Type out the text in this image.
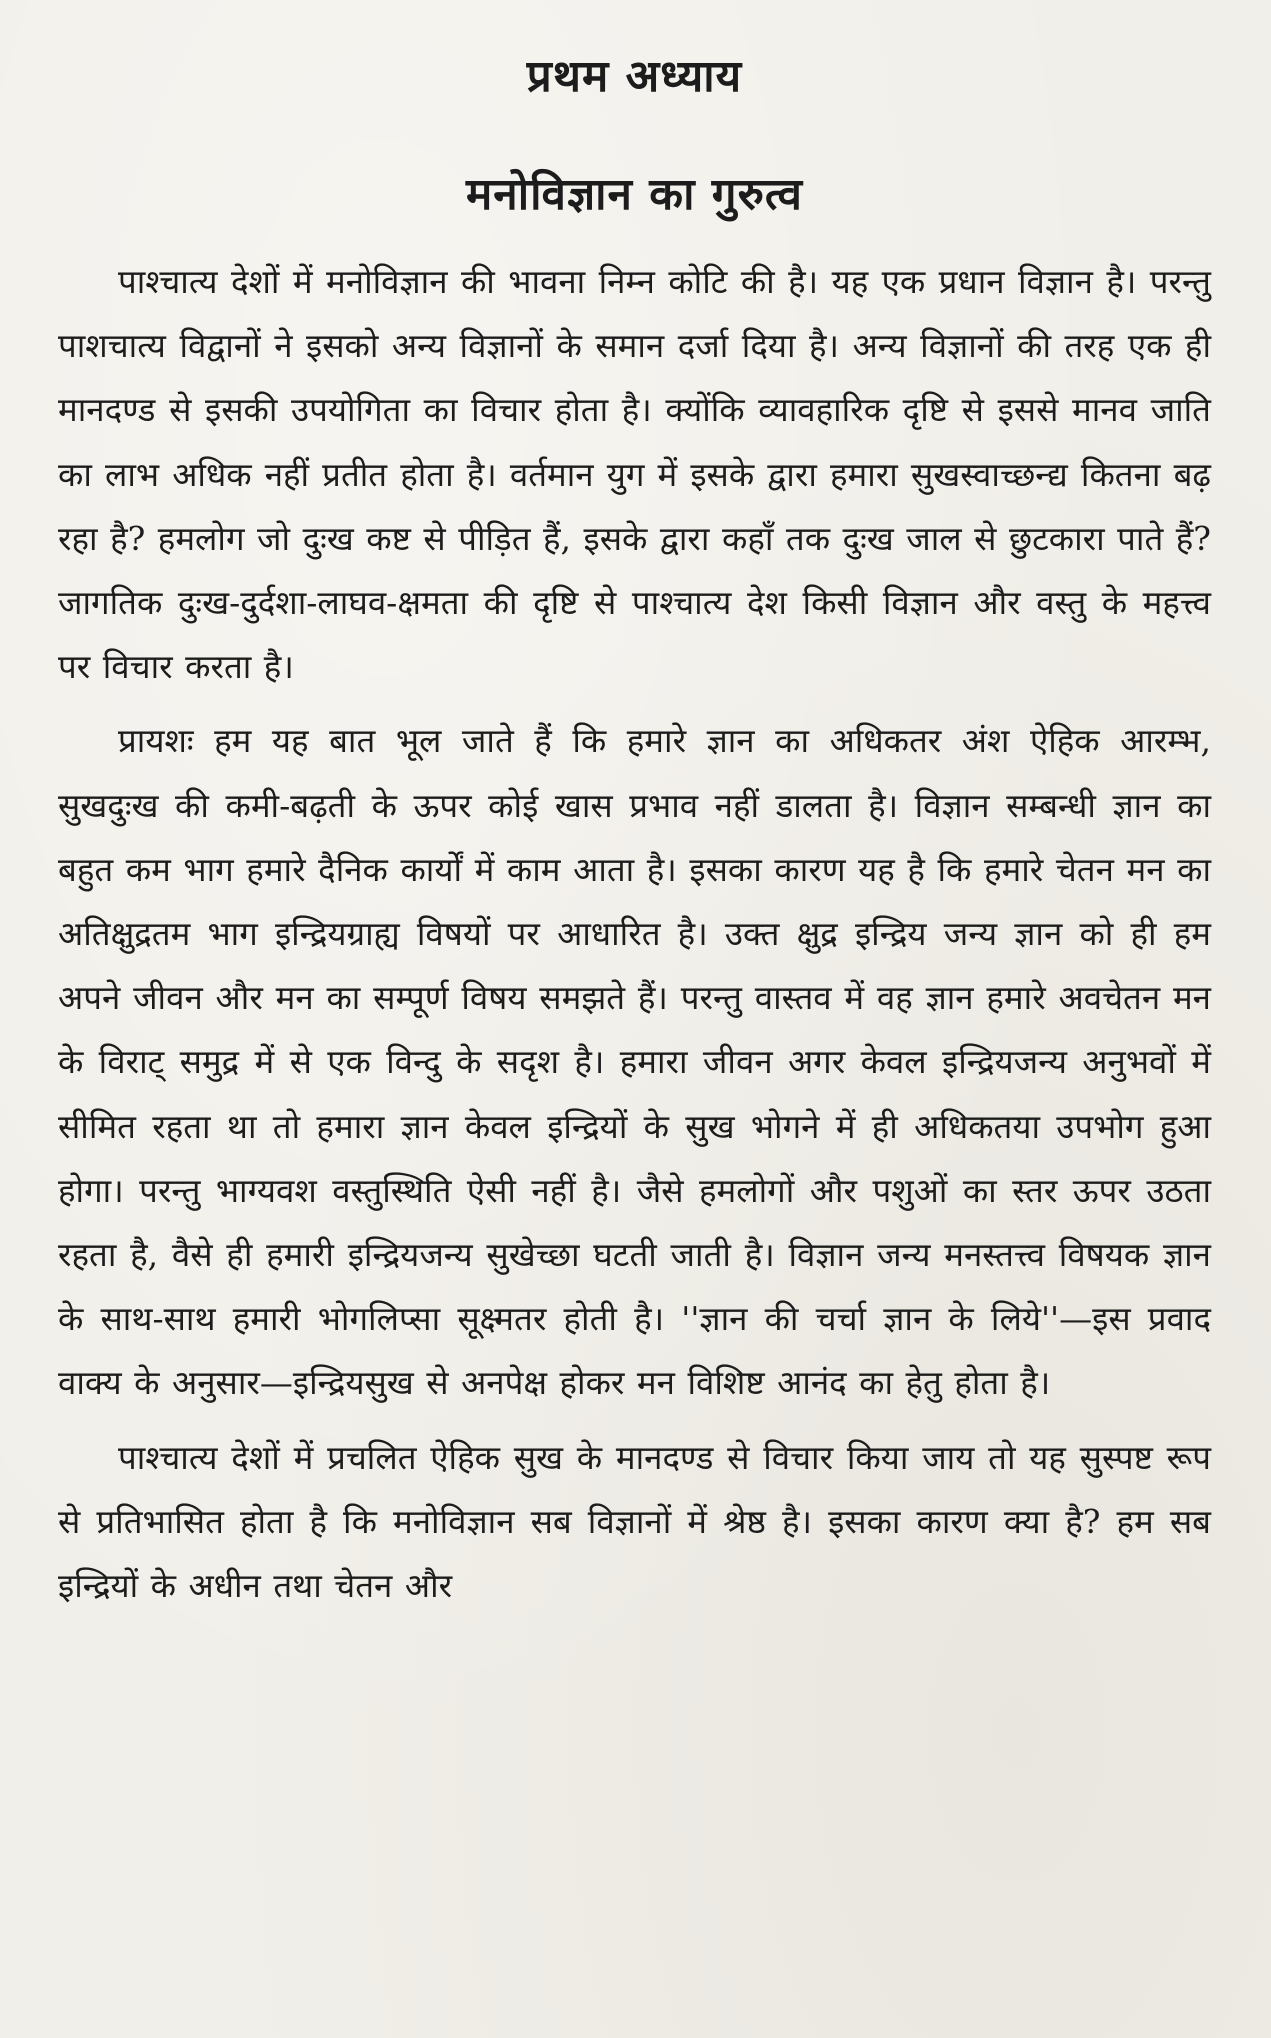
प्रथम अध्याय
मनोविज्ञान का गुरुत्व

पाश्चात्य देशों में मनोविज्ञान की भावना निम्न कोटि की है। यह एक प्रधान विज्ञान है। परन्तु पाशचात्य विद्वानों ने इसको अन्य विज्ञानों के समान दर्जा दिया है। अन्य विज्ञानों की तरह एक ही मानदण्ड से इसकी उपयोगिता का विचार होता है। क्योंकि व्यावहारिक दृष्टि से इससे मानव जाति का लाभ अधिक नहीं प्रतीत होता है। वर्तमान युग में इसके द्वारा हमारा सुखस्वाच्छन्द्य कितना बढ़ रहा है? हमलोग जो दुःख कष्ट से पीड़ित हैं, इसके द्वारा कहाँ तक दुःख जाल से छुटकारा पाते हैं? जागतिक दुःख-दुर्दशा-लाघव-क्षमता की दृष्टि से पाश्चात्य देश किसी विज्ञान और वस्तु के महत्त्व पर विचार करता है।

प्रायशः हम यह बात भूल जाते हैं कि हमारे ज्ञान का अधिकतर अंश ऐहिक आरम्भ, सुखदुःख की कमी-बढ़ती के ऊपर कोई खास प्रभाव नहीं डालता है। विज्ञान सम्बन्धी ज्ञान का बहुत कम भाग हमारे दैनिक कार्यों में काम आता है। इसका कारण यह है कि हमारे चेतन मन का अतिक्षुद्रतम भाग इन्द्रियग्राह्य विषयों पर आधारित है। उक्त क्षुद्र इन्द्रिय जन्य ज्ञान को ही हम अपने जीवन और मन का सम्पूर्ण विषय समझते हैं। परन्तु वास्तव में वह ज्ञान हमारे अवचेतन मन के विराट् समुद्र में से एक विन्दु के सदृश है। हमारा जीवन अगर केवल इन्द्रियजन्य अनुभवों में सीमित रहता था तो हमारा ज्ञान केवल इन्द्रियों के सुख भोगने में ही अधिकतया उपभोग हुआ होगा। परन्तु भाग्यवश वस्तुस्थिति ऐसी नहीं है। जैसे हमलोगों और पशुओं का स्तर ऊपर उठता रहता है, वैसे ही हमारी इन्द्रियजन्य सुखेच्छा घटती जाती है। विज्ञान जन्य मनस्तत्त्व विषयक ज्ञान के साथ-साथ हमारी भोगलिप्सा सूक्ष्मतर होती है। ''ज्ञान की चर्चा ज्ञान के लिये''—इस प्रवाद वाक्य के अनुसार—इन्द्रियसुख से अनपेक्ष होकर मन विशिष्ट आनंद का हेतु होता है।

पाश्चात्य देशों में प्रचलित ऐहिक सुख के मानदण्ड से विचार किया जाय तो यह सुस्पष्ट रूप से प्रतिभासित होता है कि मनोविज्ञान सब विज्ञानों में श्रेष्ठ है। इसका कारण क्या है? हम सब इन्द्रियों के अधीन तथा चेतन और
